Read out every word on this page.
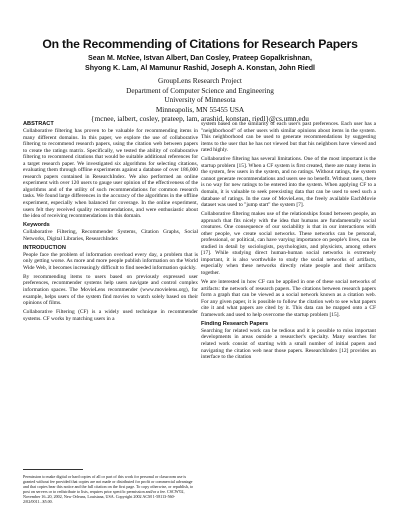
On the Recommending of Citations for Research Papers
Sean M. McNee, Istvan Albert, Dan Cosley, Prateep Gopalkrishnan,
Shyong K. Lam, Al Mamunur Rashid, Joseph A. Konstan, John Riedl
GroupLens Research Project
Department of Computer Science and Engineering
University of Minnesota
Minneapolis, MN 55455 USA
{mcnee, ialbert, cosley, prateep, lam, arashid, konstan, riedl}@cs.umn.edu
ABSTRACT

Collaborative filtering has proven to be valuable for recommending items in many different domains. In this paper, we explore the use of collaborative filtering to recommend research papers, using the citation web between papers to create the ratings matrix. Specifically, we tested the ability of collaborative filtering to recommend citations that would be suitable additional references for a target research paper. We investigated six algorithms for selecting citations, evaluating them through offline experiments against a database of over 186,000 research papers contained in ResearchIndex. We also performed an online experiment with over 120 users to gauge user opinion of the effectiveness of the algorithms and of the utility of such recommendations for common research tasks. We found large differences in the accuracy of the algorithms in the offline experiment, especially when balanced for coverage. In the online experiment, users felt they received quality recommendations, and were enthusiastic about the idea of receiving recommendations in this domain.

Keywords

Collaborative Filtering, Recommender Systems, Citation Graphs, Social Networks, Digital Libraries, ResearchIndex

INTRODUCTION

People face the problem of information overload every day, a problem that is only getting worse. As more and more people publish information on the World Wide Web, it becomes increasingly difficult to find needed information quickly.

By recommending items to users based on previously expressed user preferences, recommender systems help users navigate and control complex information spaces. The MovieLens recommender (www.movielens.org), for example, helps users of the system find movies to watch solely based on their opinions of films.

Collaborative Filtering (CF) is a widely used technique in recommender systems. CF works by matching users in a

Permission to make digital or hard copies of all or part of this work for personal or classroom use is granted without fee provided that copies are not made or distributed for profit or commercial advantage and that copies bear this notice and the full citation on the first page. To copy otherwise, or republish, to post on servers or to redistribute to lists, requires prior specific permission and/or a fee. CSCW'02, November 16–20, 2002, New Orleans, Louisiana, USA. Copyright 2002 ACM 1-58113-560-2/02/0011...$5.00.

system based on the similarity of each user's past preferences. Each user has a "neighborhood" of other users with similar opinions about items in the system. This neighborhood can be used to generate recommendations by suggesting items to the user that he has not viewed but that his neighbors have viewed and rated highly.

Collaborative filtering has several limitations. One of the most important is the startup problem [15]. When a CF system is first created, there are many items in the system, few users in the system, and no ratings. Without ratings, the system cannot generate recommendations and users see no benefit. Without users, there is no way for new ratings to be entered into the system. When applying CF to a domain, it is valuable to seek preexisting data that can be used to seed such a database of ratings. In the case of MovieLens, the freely available EachMovie dataset was used to "jump start" the system [7].

Collaborative filtering makes use of the relationships found between people, an approach that fits nicely with the idea that humans are fundamentally social creatures. One consequence of our sociability is that in our interactions with other people, we create social networks. These networks can be personal, professional, or political, can have varying importance on people's lives, can be studied in detail by sociologists, psychologists, and physicists, among others [17]. While studying direct human-human social networks is extremely important, it is also worthwhile to study the social networks of artifacts, especially when these networks directly relate people and their artifacts together.

We are interested in how CF can be applied in one of these social networks of artifacts: the network of research papers. The citations between research papers form a graph that can be viewed as a social network known as a citation web. For any given paper, it is possible to follow the citation web to see what papers cite it and what papers are cited by it. This data can be mapped onto a CF framework and used to help overcome the startup problem [15].

Finding Research Papers

Searching for related work can be tedious and it is possible to miss important developments in areas outside a researcher's specialty. Many searches for related work consist of starting with a small number of initial papers and navigating the citation web near those papers. ResearchIndex [12] provides an interface to the citation
